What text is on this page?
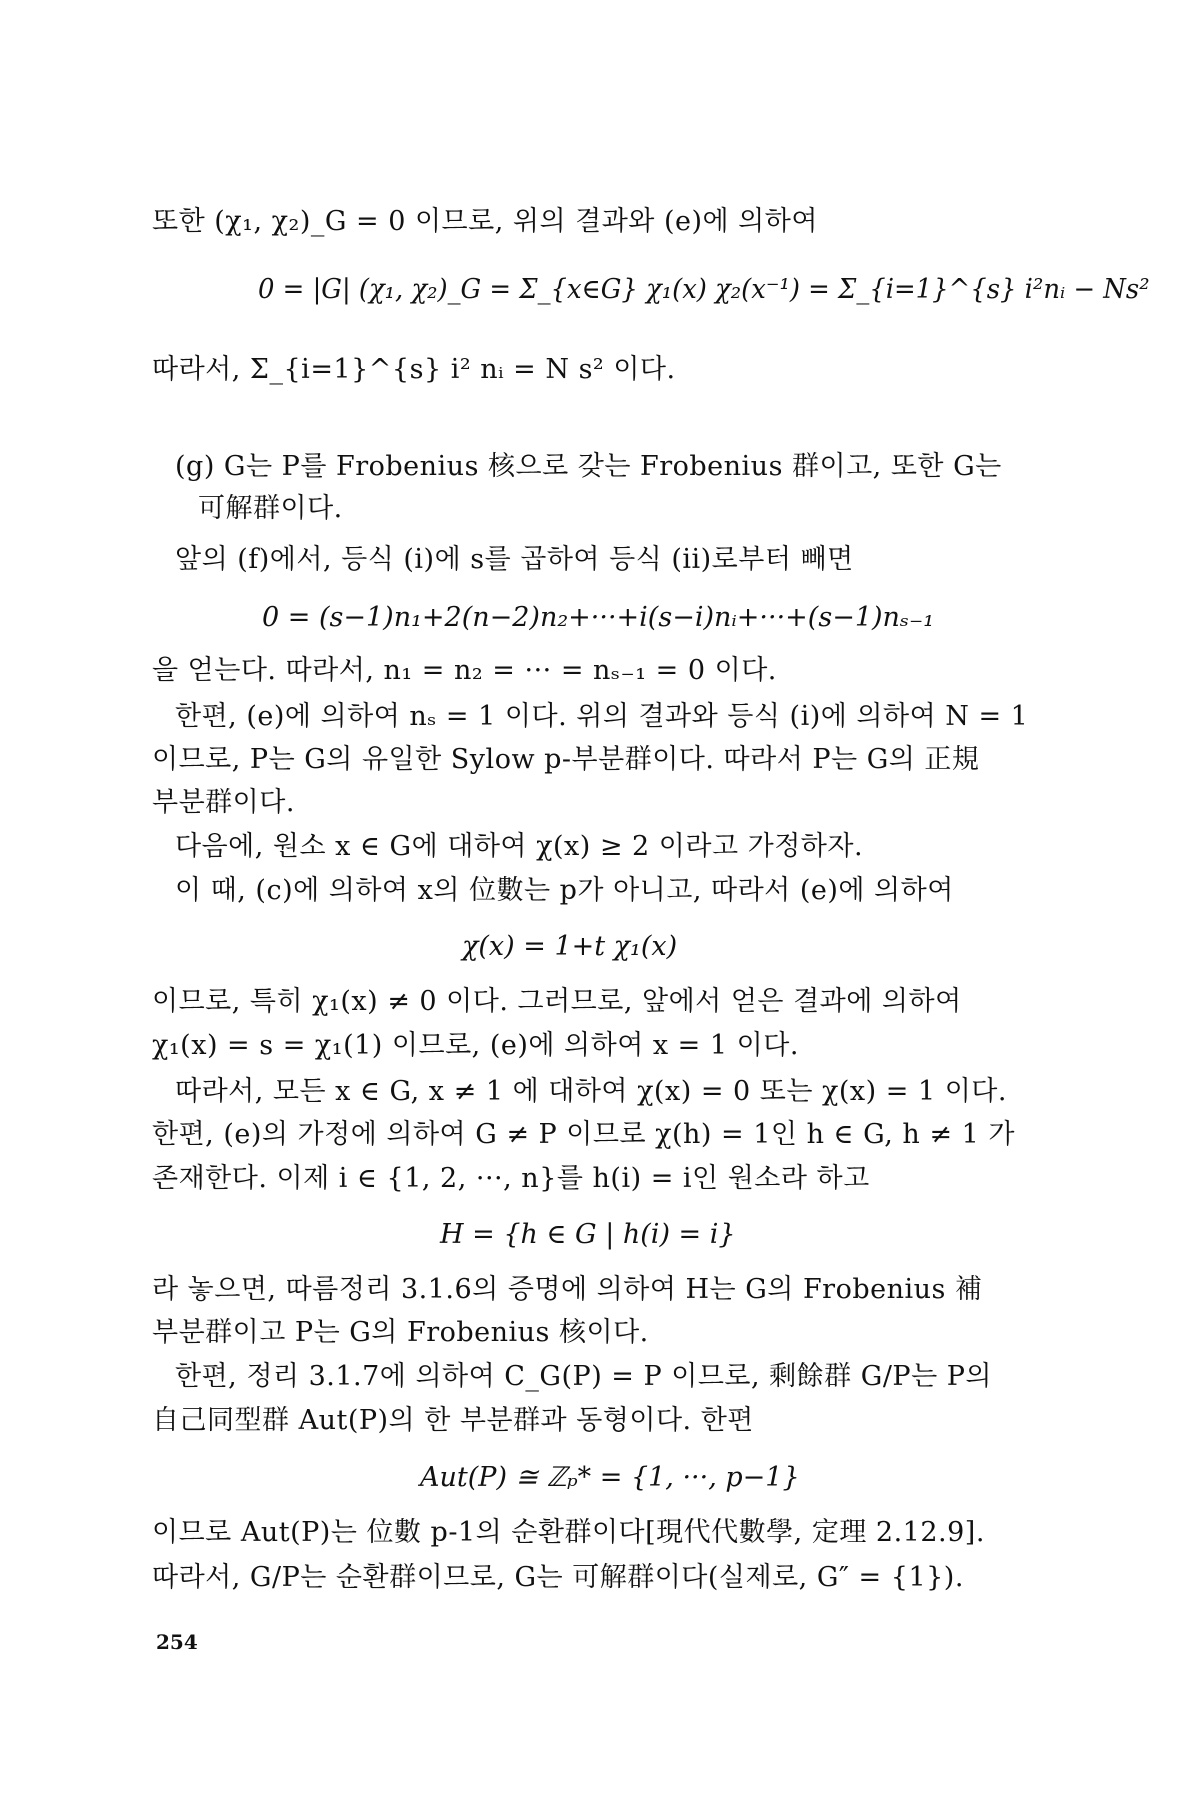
또한 (χ₁, χ₂)_G = 0 이므로, 위의 결과와 (e)에 의하여
0 = |G| (χ₁, χ₂)_G = Σ_{x∈G} χ₁(x) χ₂(x⁻¹) = Σ_{i=1}^{s} i²nᵢ − Ns²
따라서, Σ_{i=1}^{s} i² nᵢ = N s² 이다.
(g) G는 P를 Frobenius 核으로 갖는 Frobenius 群이고, 또한 G는
可解群이다.
앞의 (f)에서, 등식 (i)에 s를 곱하여 등식 (ii)로부터 빼면
0 = (s−1)n₁+2(n−2)n₂+···+i(s−i)nᵢ+···+(s−1)nₛ₋₁
을 얻는다. 따라서, n₁ = n₂ = ··· = nₛ₋₁ = 0 이다.
한편, (e)에 의하여 nₛ = 1 이다. 위의 결과와 등식 (i)에 의하여 N = 1
이므로, P는 G의 유일한 Sylow p-부분群이다. 따라서 P는 G의 正規
부분群이다.
다음에, 원소 x ∈ G에 대하여 χ(x) ≥ 2 이라고 가정하자.
이 때, (c)에 의하여 x의 位數는 p가 아니고, 따라서 (e)에 의하여
χ(x) = 1+t χ₁(x)
이므로, 특히 χ₁(x) ≠ 0 이다. 그러므로, 앞에서 얻은 결과에 의하여
χ₁(x) = s = χ₁(1) 이므로, (e)에 의하여 x = 1 이다.
따라서, 모든 x ∈ G, x ≠ 1 에 대하여 χ(x) = 0 또는 χ(x) = 1 이다.
한편, (e)의 가정에 의하여 G ≠ P 이므로 χ(h) = 1인 h ∈ G, h ≠ 1 가
존재한다. 이제 i ∈ {1, 2, ···, n}를 h(i) = i인 원소라 하고
H = {h ∈ G | h(i) = i}
라 놓으면, 따름정리 3.1.6의 증명에 의하여 H는 G의 Frobenius 補
부분群이고 P는 G의 Frobenius 核이다.
한편, 정리 3.1.7에 의하여 C_G(P) = P 이므로, 剩餘群 G/P는 P의
自己同型群 Aut(P)의 한 부분群과 동형이다. 한편
Aut(P) ≅ ℤₚ* = {1, ···, p−1}
이므로 Aut(P)는 位數 p-1의 순환群이다[現代代數學, 定理 2.12.9].
따라서, G/P는 순환群이므로, G는 可解群이다(실제로, G″ = {1}).
254
